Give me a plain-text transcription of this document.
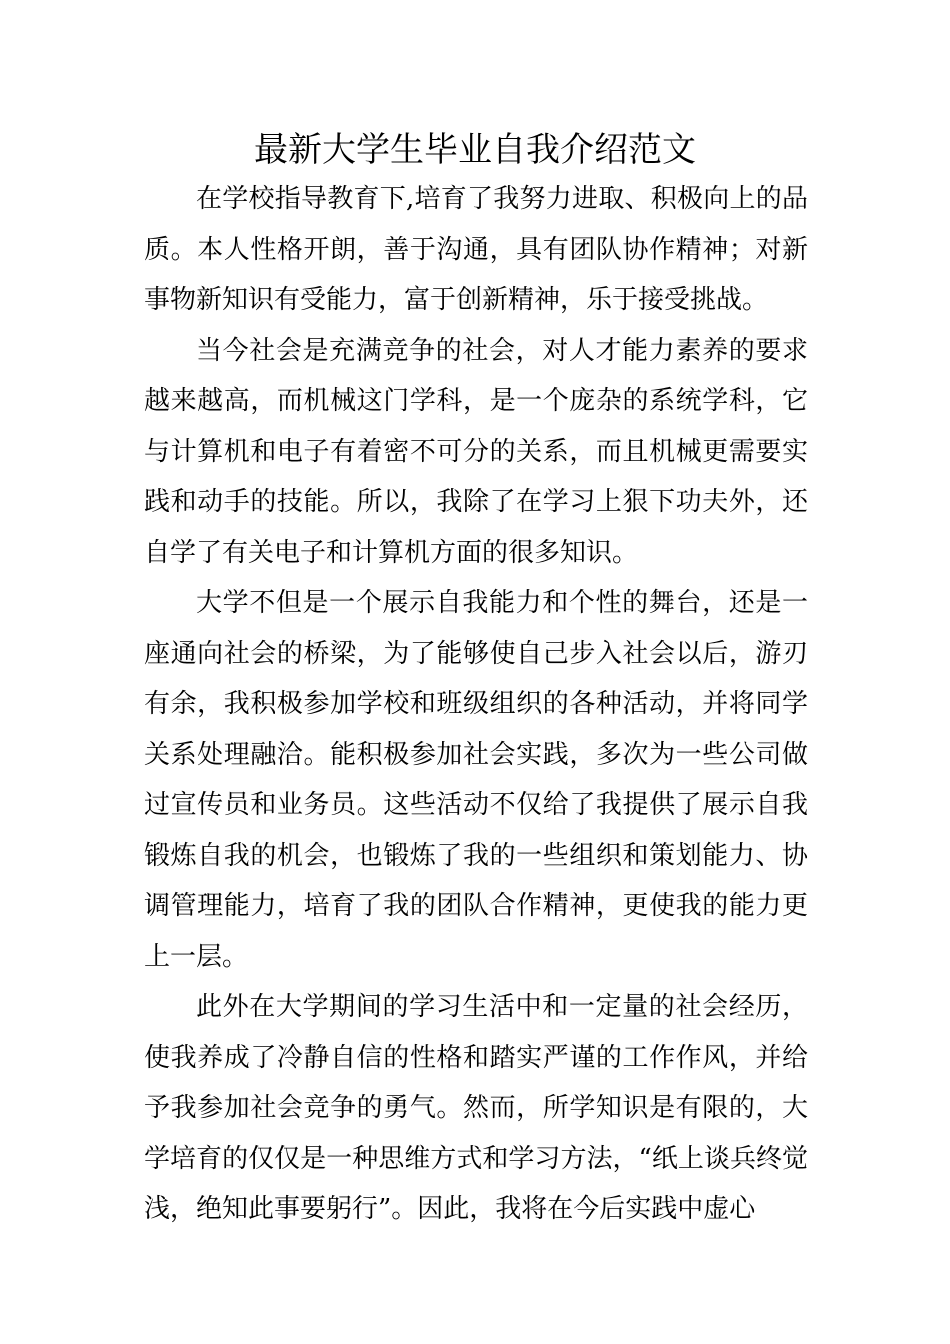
最新大学生毕业自我介绍范文

在学校指导教育下,培育了我努力进取、积极向上的品质。本人性格开朗，善于沟通，具有团队协作精神；对新事物新知识有受能力，富于创新精神，乐于接受挑战。

当今社会是充满竞争的社会，对人才能力素养的要求越来越高，而机械这门学科，是一个庞杂的系统学科，它与计算机和电子有着密不可分的关系，而且机械更需要实践和动手的技能。所以，我除了在学习上狠下功夫外，还自学了有关电子和计算机方面的很多知识。

大学不但是一个展示自我能力和个性的舞台，还是一座通向社会的桥梁，为了能够使自己步入社会以后，游刃有余，我积极参加学校和班级组织的各种活动，并将同学关系处理融洽。能积极参加社会实践，多次为一些公司做过宣传员和业务员。这些活动不仅给了我提供了展示自我锻炼自我的机会，也锻炼了我的一些组织和策划能力、协调管理能力，培育了我的团队合作精神，更使我的能力更上一层。

此外在大学期间的学习生活中和一定量的社会经历，使我养成了冷静自信的性格和踏实严谨的工作作风，并给予我参加社会竞争的勇气。然而，所学知识是有限的，大学培育的仅仅是一种思维方式和学习方法，“纸上谈兵终觉浅，绝知此事要躬行”。因此，我将在今后实践中虚心
